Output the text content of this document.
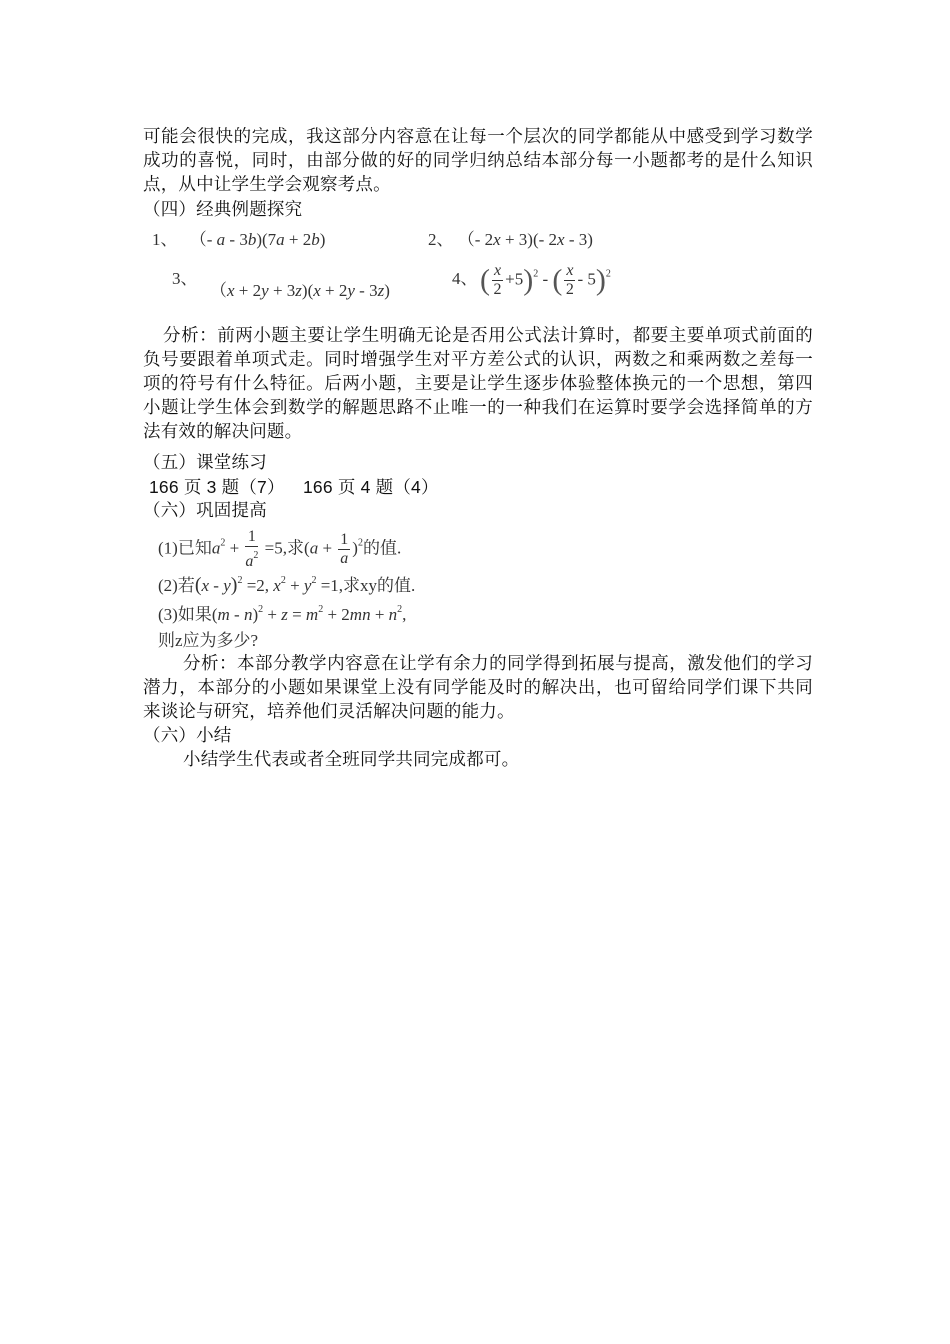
可能会很快的完成，我这部分内容意在让每一个层次的同学都能从中感受到学习数学成功的喜悦，同时，由部分做的好的同学归纳总结本部分每一小题都考的是什么知识点，从中让学生学会观察考点。
（四）经典例题探究
1、 （- a - 3b)(7a + 2b)	2、 （- 2x + 3)(- 2x - 3)
3、
（x + 2y + 3z)(x + 2y - 3z)
4、 ( $\frac{x}{2} +5)^2$ - ( $\frac{x}{2} - 5)^2$
分析：前两小题主要让学生明确无论是否用公式法计算时，都要主要单项式前面的负号要跟着单项式走。同时增强学生对平方差公式的认识，两数之和乘两数之差每一项的符号有什么特征。后两小题，主要是让学生逐步体验整体换元的一个思想，第四小题让学生体会到数学的解题思路不止唯一的一种我们在运算时要学会选择简单的方法有效的解决问题。
（五）课堂练习
166 页 3 题（7） 166 页 4 题（4）
（六）巩固提高
(1)已知$a^2 + \frac{1}{a^2} =5$,求$(a + \frac{1}{a} )^2$的值.
(2)若(x - y)$^2$ =2, $x^2 + y^2 =1$,求xy的值.
(3)如果$(m - n)^2 + z = m^2 + 2mn + n^2$,
则z应为多少?
分析：本部分教学内容意在让学有余力的同学得到拓展与提高，激发他们的学习潜力，本部分的小题如果课堂上没有同学能及时的解决出，也可留给同学们课下共同来谈论与研究，培养他们灵活解决问题的能力。
（六）小结
小结学生代表或者全班同学共同完成都可。
